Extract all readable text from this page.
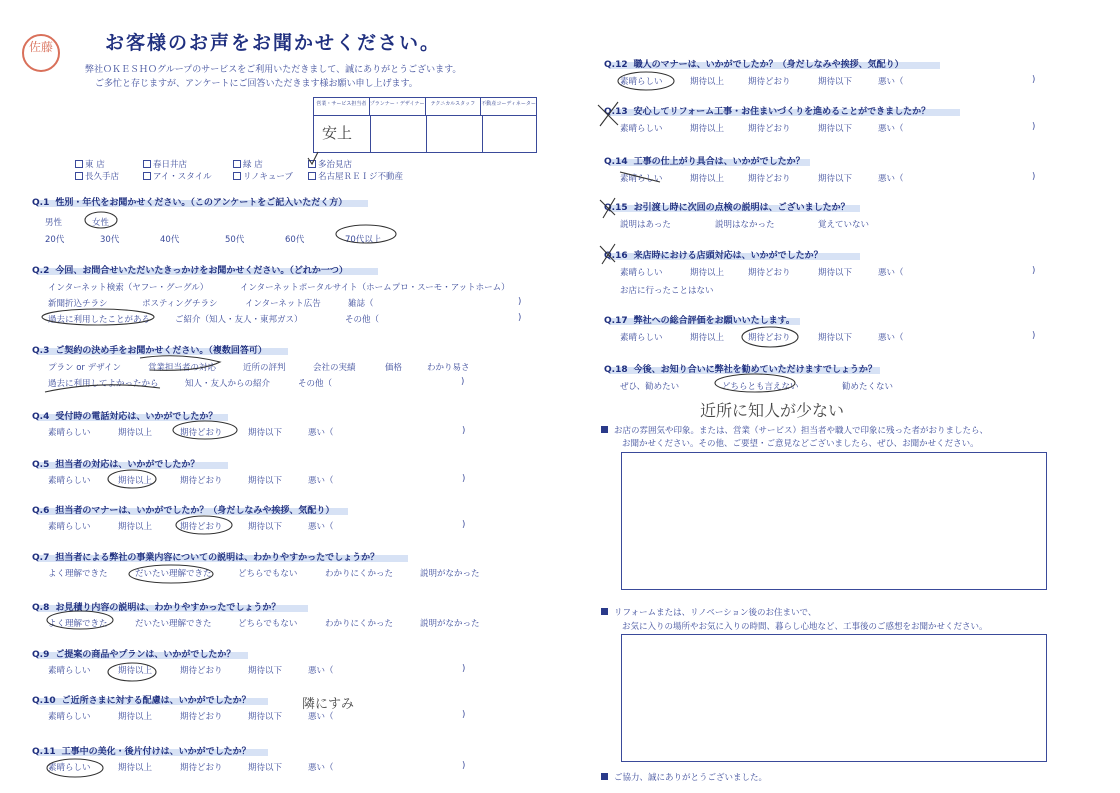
佐藤	お客様のお声をお聞かせください。
弊社ＯＫＥＳＨＯグループのサービスをご利用いただきまして、誠にありがとうございます。
ご多忙と存じますが、アンケートにご回答いただきます様お願い申し上げます。
営業・サービス担当者 プランナー・デザイナー	テクニカルスタッフ	不動産コーディネーター
安上
東 店	春日井店	緑 店	多治見店
長久手店	アイ・スタイル	リノキューブ	名古屋ＲＥＩジ不動産
Q.1 性別・年代をお聞かせください。（このアンケートをご記入いただく方）
男性	女性
20代	30代	40代	50代	60代	70代以上
Q.2 今回、お問合せいただいたきっかけをお聞かせください。（どれか一つ）
インターネット検索（ヤフー・グーグル）	インターネットポータルサイト（ホームプロ・スーモ・アットホーム）
新聞折込チラシ	ポスティングチラシ	インターネット広告	雑誌（	)
過去に利用したことがある	ご紹介（知人・友人・東邦ガス）	その他（	)
Q.3 ご契約の決め手をお聞かせください。（複数回答可）
プラン or デザイン	営業担当者の対応	近所の評判	会社の実績	価格	わかり易さ
過去に利用してよかったから	知人・友人からの紹介	その他（	)
Q.4 受付時の電話対応は、いかがでしたか？
素晴らしい	期待以上	期待どおり	期待以下	悪い（	)
Q.5 担当者の対応は、いかがでしたか？
素晴らしい	期待以上	期待どおり	期待以下	悪い（	)
Q.6 担当者のマナーは、いかがでしたか？（身だしなみや挨拶、気配り）
素晴らしい	期待以上	期待どおり	期待以下	悪い（	)
Q.9 ご提案の商品やプランは、いかがでしたか？
素晴らしい	期待以上	期待どおり	期待以下	悪い（	)
Q.10 ご近所さまに対する配慮は、いかがでしたか？
素晴らしい	期待以上	期待どおり	期待以下	悪い（	)
Q.11 工事中の美化・後片付けは、いかがでしたか？
素晴らしい	期待以上	期待どおり	期待以下	悪い（	)
Q.7 担当者による弊社の事業内容についての説明は、わかりやすかったでしょうか？
よく理解できた	だいたい理解できた	どちらでもない	わかりにくかった	説明がなかった
Q.8 お見積り内容の説明は、わかりやすかったでしょうか？
よく理解できた	だいたい理解できた	どちらでもない	わかりにくかった	説明がなかった
Q.12 職人のマナーは、いかがでしたか？（身だしなみや挨拶、気配り）
素晴らしい	期待以上	期待どおり	期待以下	悪い（	)
Q.13 安心してリフォーム工事・お住まいづくりを進めることができましたか？
素晴らしい	期待以上	期待どおり	期待以下	悪い（	)
Q.14 工事の仕上がり具合は、いかがでしたか？
素晴らしい	期待以上	期待どおり	期待以下	悪い（	)
Q.17 弊社への総合評価をお願いいたします。
素晴らしい	期待以上	期待どおり	期待以下	悪い（	)
Q.15 お引渡し時に次回の点検の説明は、ございましたか？
説明はあった	説明はなかった	覚えていない
Q.16 来店時における店頭対応は、いかがでしたか？
素晴らしい	期待以上	期待どおり	期待以下	悪い（	)
お店に行ったことはない
Q.18 今後、お知り合いに弊社を勧めていただけますでしょうか？
ぜひ、勧めたい	どちらとも言えない	勧めたくない
近所に知人が少ない
隣にすみ
お店の雰囲気や印象。または、営業（サービス）担当者や職人で印象に残った者がおりましたら、
お聞かせください。その他、ご要望・ご意見などございましたら、ぜひ、お聞かせください。
リフォームまたは、リノベーション後のお住まいで、
お気に入りの場所やお気に入りの時間、暮らし心地など、工事後のご感想をお聞かせください。
ご協力、誠にありがとうございました。
